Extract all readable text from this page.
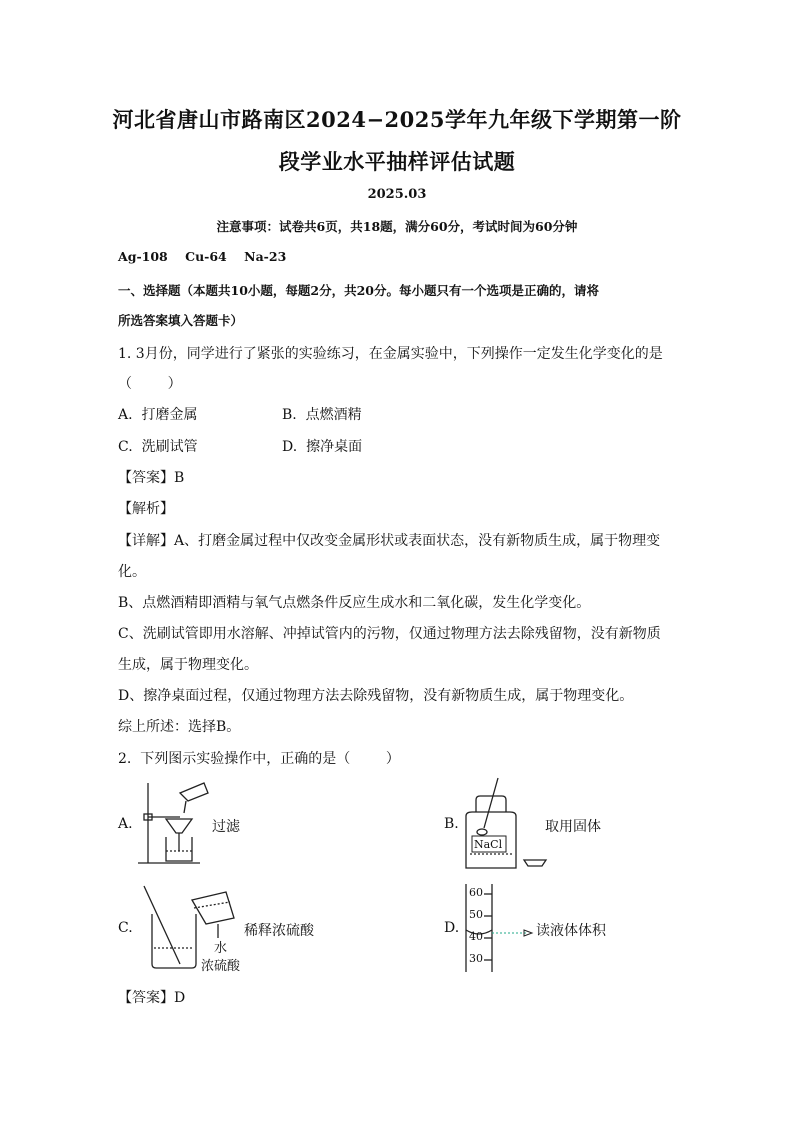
河北省唐山市路南区2024−2025学年九年级下学期第一阶
段学业水平抽样评估试题
2025.03
注意事项：试卷共6页，共18题，满分60分，考试时间为60分钟
Ag-108    Cu-64    Na-23
一、选择题（本题共10小题，每题2分，共20分。每小题只有一个选项是正确的，请将
所选答案填入答题卡）
1. 3月份，同学进行了紧张的实验练习，在金属实验中，下列操作一定发生化学变化的是
（        ）
A.  打磨金属	B.  点燃酒精
C.  洗刷试管	D.  擦净桌面
【答案】B
【解析】
【详解】A、打磨金属过程中仅改变金属形状或表面状态，没有新物质生成，属于物理变
化。
B、点燃酒精即酒精与氧气点燃条件反应生成水和二氧化碳，发生化学变化。
C、洗刷试管即用水溶解、冲掉试管内的污物，仅通过物理方法去除残留物，没有新物质
生成，属于物理变化。
D、擦净桌面过程，仅通过物理方法去除残留物，没有新物质生成，属于物理变化。
综上所述：选择B。
2.  下列图示实验操作中，正确的是（        ）
A.	过滤	B.
NaCl
取用固体
C.	稀释浓硫酸
水
浓硫酸
D.
60
50
40
30
读液体体积
【答案】D
